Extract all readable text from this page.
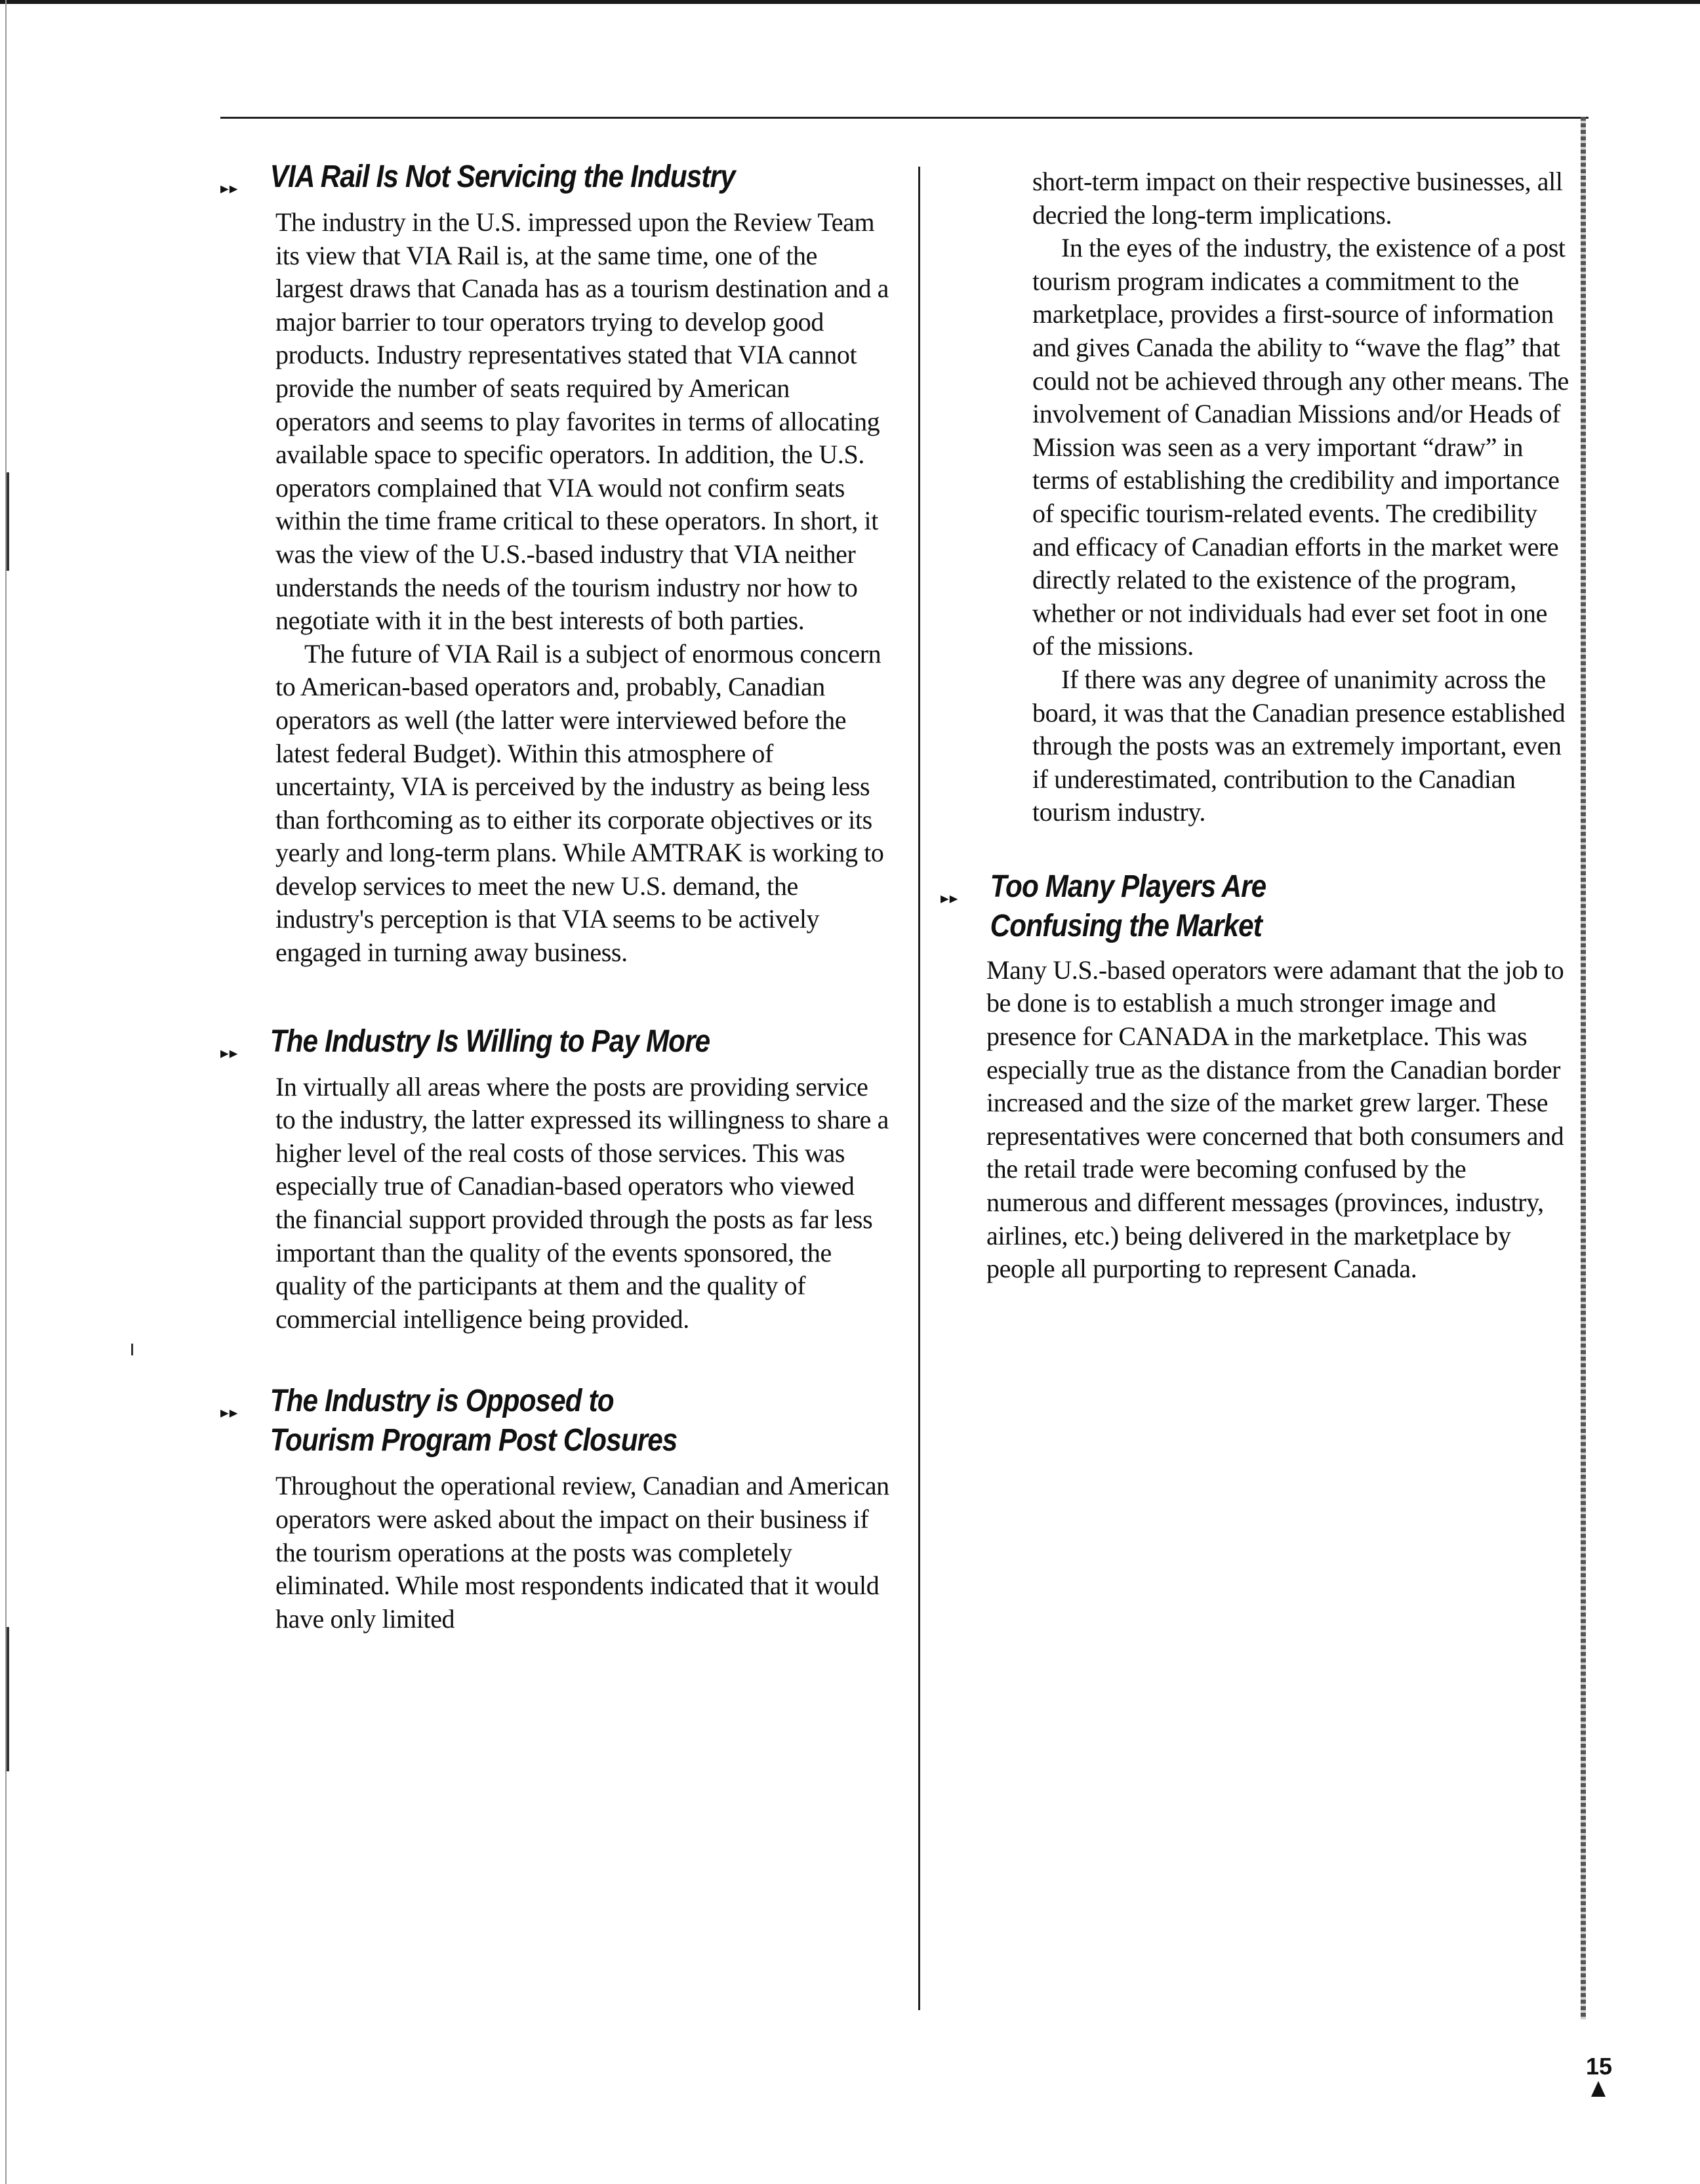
▸▸ VIA Rail Is Not Servicing the Industry

The industry in the U.S. impressed upon the Review Team its view that VIA Rail is, at the same time, one of the largest draws that Canada has as a tourism destination and a major barrier to tour operators trying to develop good products. Industry representatives stated that VIA cannot provide the number of seats required by American operators and seems to play favorites in terms of allocating available space to specific operators. In addition, the U.S. operators complained that VIA would not confirm seats within the time frame critical to these operators. In short, it was the view of the U.S.-based industry that VIA neither understands the needs of the tourism industry nor how to negotiate with it in the best interests of both parties.

The future of VIA Rail is a subject of enormous concern to American-based operators and, probably, Canadian operators as well (the latter were interviewed before the latest federal Budget). Within this atmosphere of uncertainty, VIA is perceived by the industry as being less than forthcoming as to either its corporate objectives or its yearly and long-term plans. While AMTRAK is working to develop services to meet the new U.S. demand, the industry's perception is that VIA seems to be actively engaged in turning away business.

▸▸ The Industry Is Willing to Pay More

In virtually all areas where the posts are providing service to the industry, the latter expressed its willingness to share a higher level of the real costs of those services. This was especially true of Canadian-based operators who viewed the financial support provided through the posts as far less important than the quality of the events sponsored, the quality of the participants at them and the quality of commercial intelligence being provided.

▸▸ The Industry is Opposed to
Tourism Program Post Closures

Throughout the operational review, Canadian and American operators were asked about the impact on their business if the tourism operations at the posts was completely eliminated. While most respondents indicated that it would have only limited

short-term impact on their respective businesses, all decried the long-term implications.

In the eyes of the industry, the existence of a post tourism program indicates a commitment to the marketplace, provides a first-source of information and gives Canada the ability to “wave the flag” that could not be achieved through any other means. The involvement of Canadian Missions and/or Heads of Mission was seen as a very important “draw” in terms of establishing the credibility and importance of specific tourism-related events. The credibility and efficacy of Canadian efforts in the market were directly related to the existence of the program, whether or not individuals had ever set foot in one of the missions.

If there was any degree of unanimity across the board, it was that the Canadian presence established through the posts was an extremely important, even if underestimated, contribution to the Canadian tourism industry.

▸▸ Too Many Players Are
Confusing the Market

Many U.S.-based operators were adamant that the job to be done is to establish a much stronger image and presence for CANADA in the marketplace. This was especially true as the distance from the Canadian border increased and the size of the market grew larger. These representatives were concerned that both consumers and the retail trade were becoming confused by the numerous and different messages (provinces, industry, airlines, etc.) being delivered in the marketplace by people all purporting to represent Canada.

15
